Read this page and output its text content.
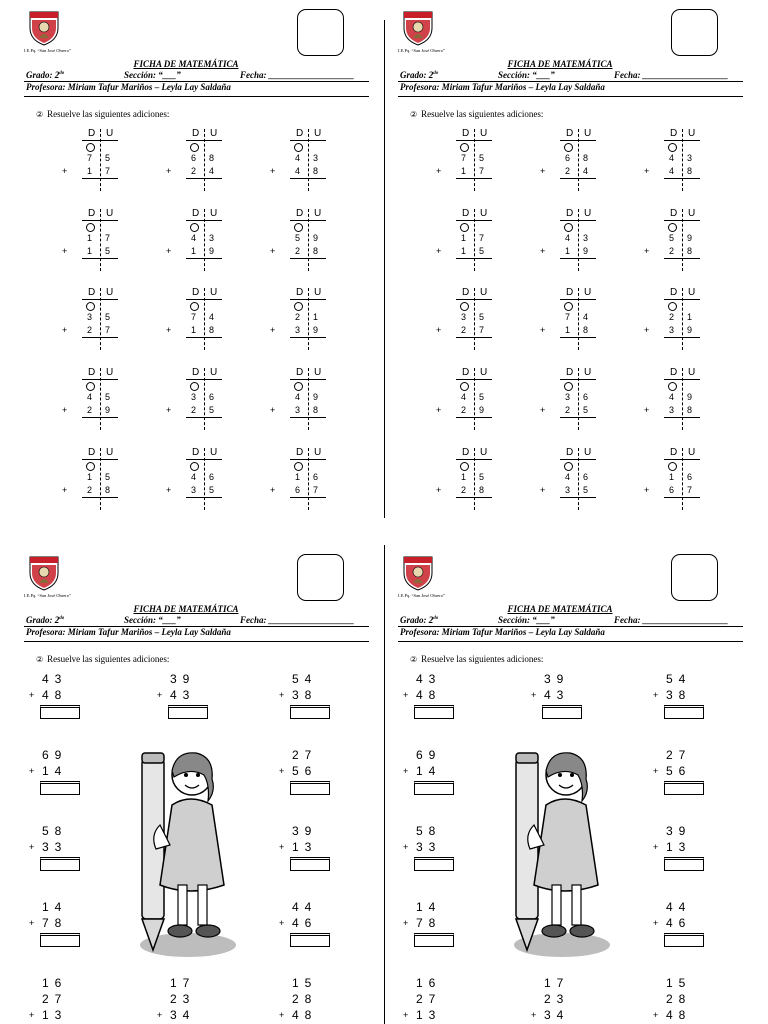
I.E.Pq. “San José Obrero”
FICHA DE MATEMÁTICA
Grado: $2^{do}$	Sección: “___”	Fecha: ___________________
Profesora: Miriam Tafur Mariños – Leyla Lay Saldaña
② Resuelve las siguientes adiciones:
D U
7 5
1 7
+
D U
6 8
2 4
+
D U
4 3
4 8
+
D U
1 7
1 5
+
D U
4 3
1 9
+
D U
5 9
2 8
+
D U
3 5
2 7
+
D U
7 4
1 8
+
D U
2 1
3 9
+
D U
4 5
2 9
+
D U
3 6
2 5
+
D U
4 9
3 8
+
D U
1 5
2 8
+
D U
4 6
3 5
+
D U
1 6
6 7
+
I.E.Pq. “San José Obrero”
FICHA DE MATEMÁTICA
Grado: $2^{do}$	Sección: “___”	Fecha: ___________________
Profesora: Miriam Tafur Mariños – Leyla Lay Saldaña
② Resuelve las siguientes adiciones:
D U
7 5
1 7
+
D U
6 8
2 4
+
D U
4 3
4 8
+
D U
1 7
1 5
+
D U
4 3
1 9
+
D U
5 9
2 8
+
D U
3 5
2 7
+
D U
7 4
1 8
+
D U
2 1
3 9
+
D U
4 5
2 9
+
D U
3 6
2 5
+
D U
4 9
3 8
+
D U
1 5
2 8
+
D U
4 6
3 5
+
D U
1 6
6 7
+
I.E.Pq. “San José Obrero”
FICHA DE MATEMÁTICA
Grado: $2^{do}$	Sección: “___”	Fecha: ___________________
Profesora: Miriam Tafur Mariños – Leyla Lay Saldaña
② Resuelve las siguientes adiciones:
43
48
+
39
43
+
54
38
+
69
14
+
27
56
+
58
33
+
39
13
+
14
78
+
44
46
+
16
27
13
+
17
23
34
+
15
28
48
+
I.E.Pq. “San José Obrero”
FICHA DE MATEMÁTICA
Grado: $2^{do}$	Sección: “___”	Fecha: ___________________
Profesora: Miriam Tafur Mariños – Leyla Lay Saldaña
② Resuelve las siguientes adiciones:
43
48
+
39
43
+
54
38
+
69
14
+
27
56
+
58
33
+
39
13
+
14
78
+
44
46
+
16
27
13
+
17
23
34
+
15
28
48
+
